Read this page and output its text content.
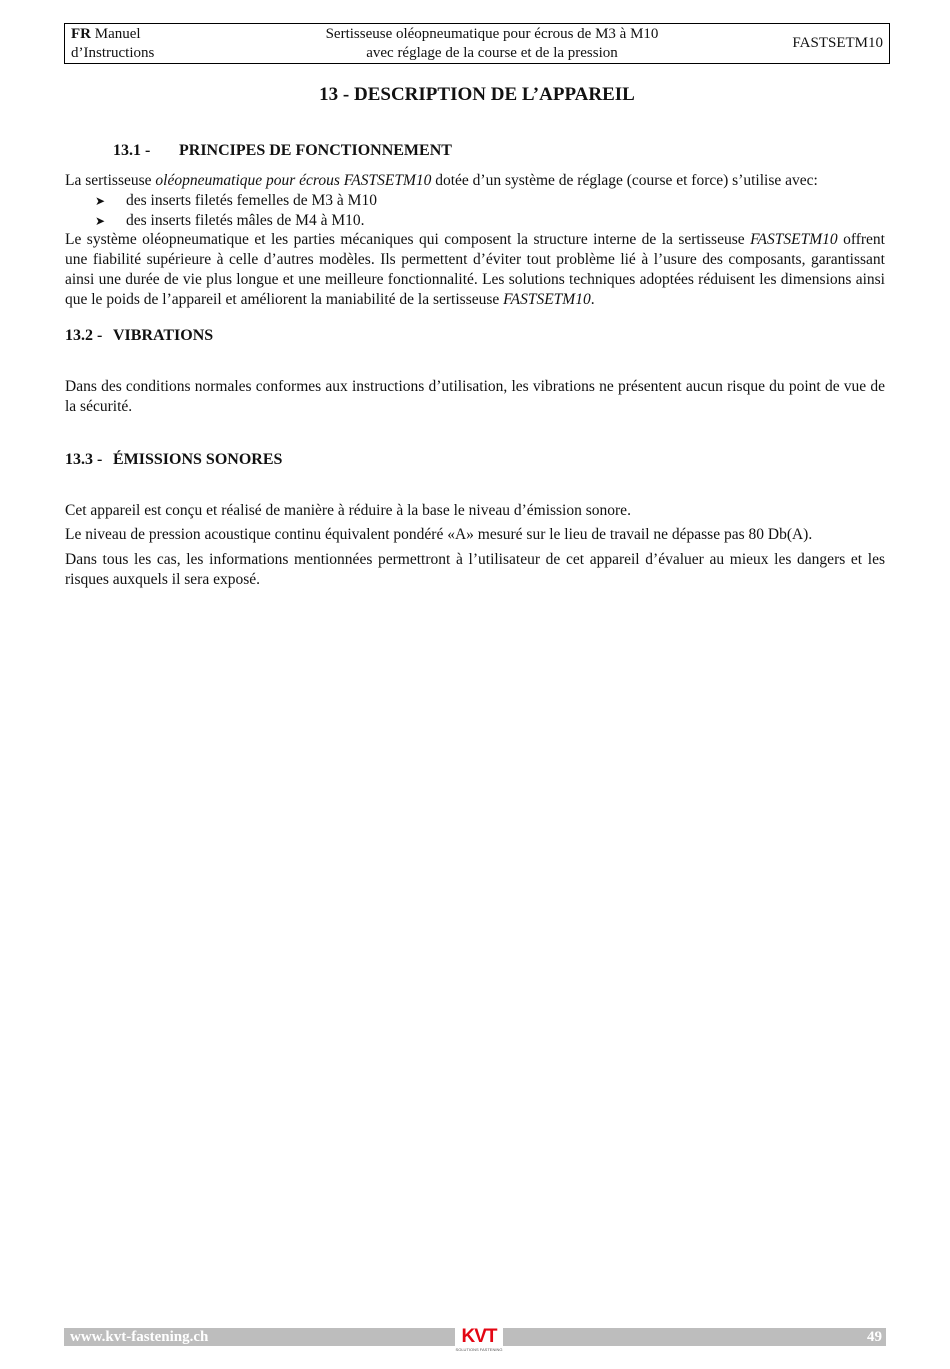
FR Manuel
d’Instructions
Sertisseuse oléopneumatique pour écrous de M3 à M10
avec réglage de la course et de la pression
FASTSETM10
13 - DESCRIPTION DE L’APPAREIL
13.1 - PRINCIPES DE FONCTIONNEMENT
La sertisseuse oléopneumatique pour écrous FASTSETM10 dotée d’un système de réglage (course et force) s’utilise avec:
➤ des inserts filetés femelles de M3 à M10
➤ des inserts filetés mâles de M4 à M10.
Le système oléopneumatique et les parties mécaniques qui composent la structure interne de la sertisseuse FASTSETM10 offrent une fiabilité supérieure à celle d’autres modèles. Ils permettent d’éviter tout problème lié à l’usure des composants, garantissant ainsi une durée de vie plus longue et une meilleure fonctionnalité. Les solutions techniques adoptées réduisent les dimensions ainsi que le poids de l’appareil et améliorent la maniabilité de la sertisseuse FASTSETM10.
13.2 - VIBRATIONS
Dans des conditions normales conformes aux instructions d’utilisation, les vibrations ne présentent aucun risque du point de vue de la sécurité.
13.3 - ÉMISSIONS SONORES
Cet appareil est conçu et réalisé de manière à réduire à la base le niveau d’émission sonore.
Le niveau de pression acoustique continu équivalent pondéré «A» mesuré sur le lieu de travail ne dépasse pas 80 Db(A).
Dans tous les cas, les informations mentionnées permettront à l’utilisateur de cet appareil d’évaluer au mieux les dangers et les risques auxquels il sera exposé.
www.kvt-fastening.ch	49
KVT
SOLUTIONS FASTENING
